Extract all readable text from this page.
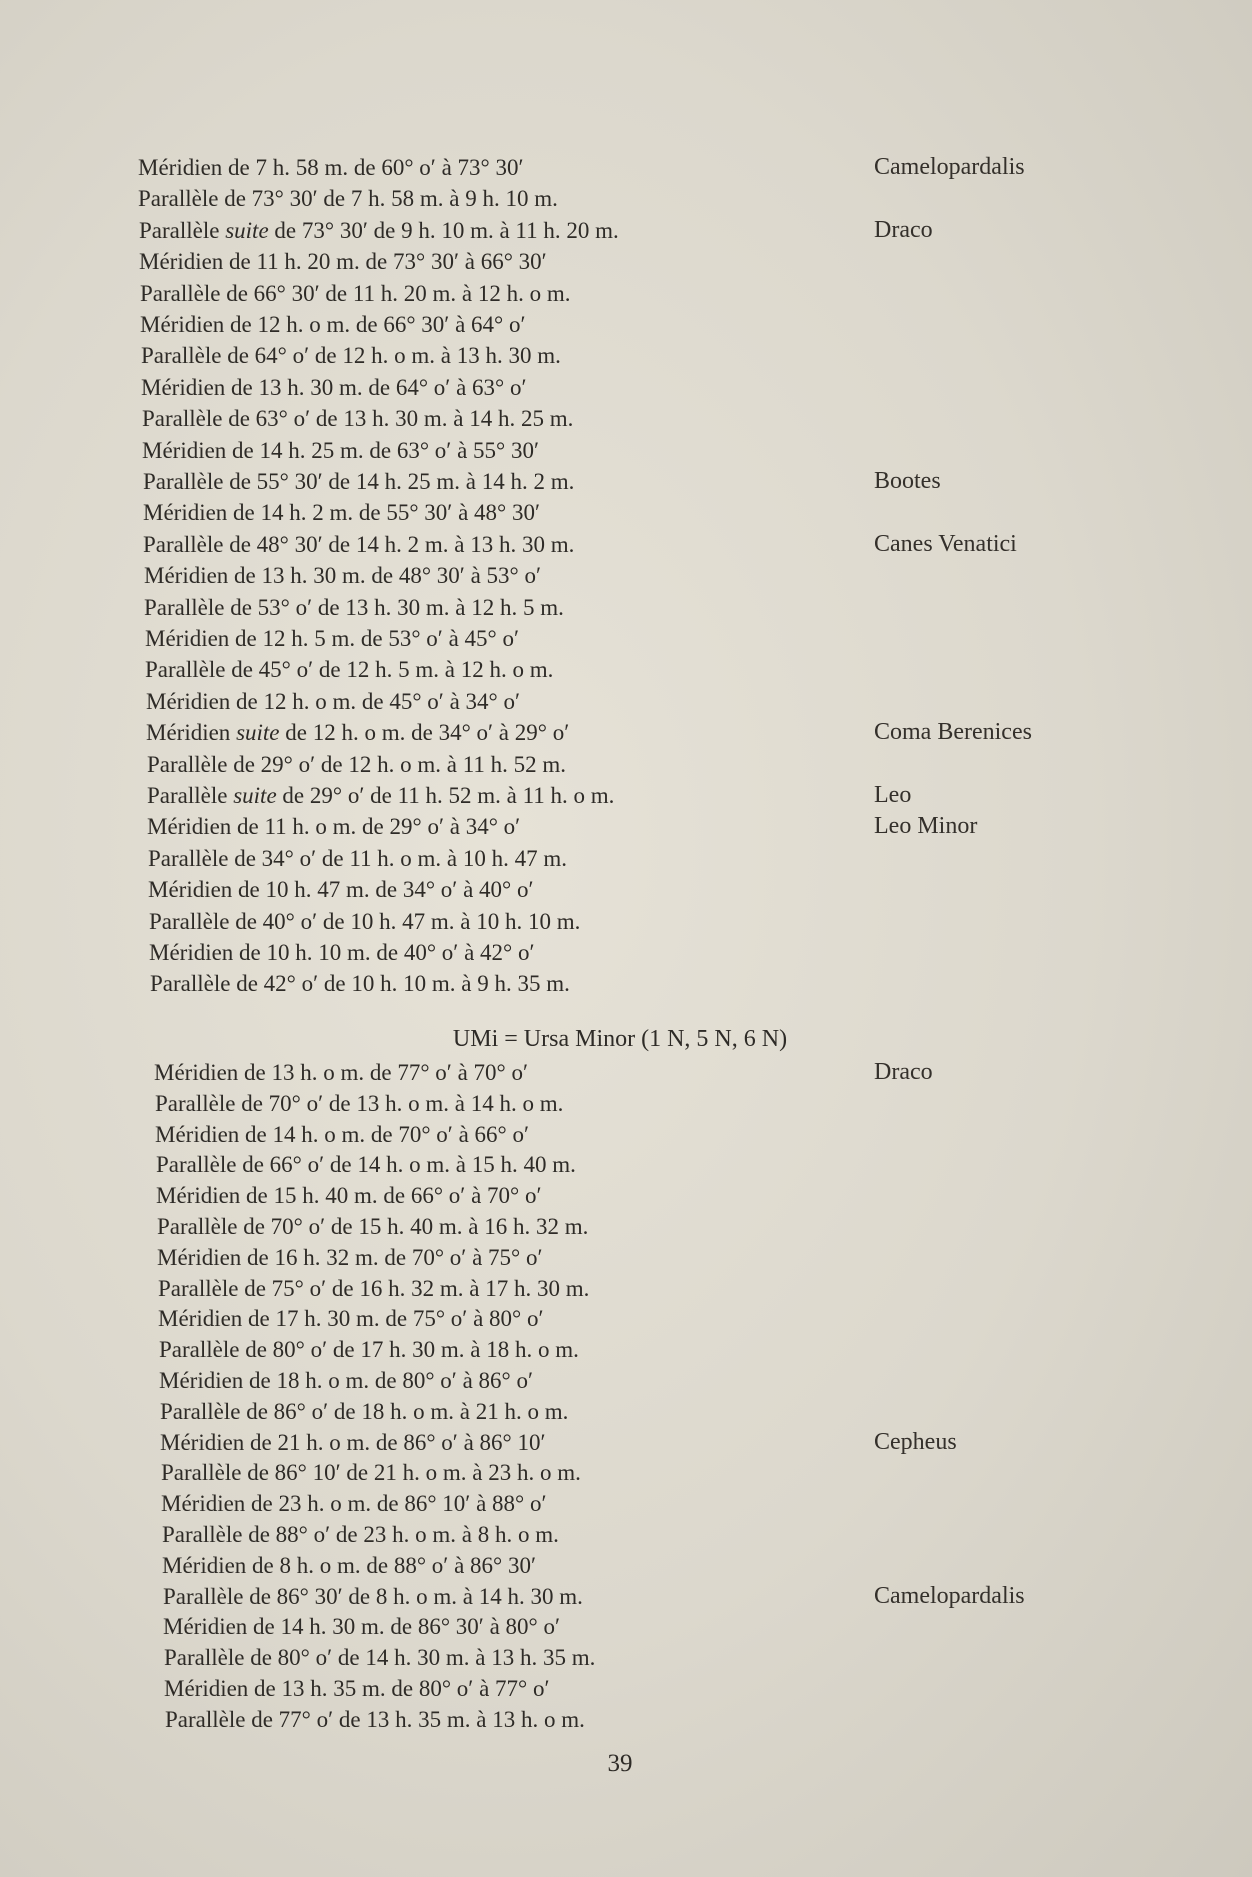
Méridien de 7 h. 58 m. de 60° o′ à 73° 30′	Camelopardalis
Parallèle de 73° 30′ de 7 h. 58 m. à 9 h. 10 m.
Parallèle suite de 73° 30′ de 9 h. 10 m. à 11 h. 20 m.	Draco
Méridien de 11 h. 20 m. de 73° 30′ à 66° 30′
Parallèle de 66° 30′ de 11 h. 20 m. à 12 h. o m.
Méridien de 12 h. o m. de 66° 30′ à 64° o′
Parallèle de 64° o′ de 12 h. o m. à 13 h. 30 m.
Méridien de 13 h. 30 m. de 64° o′ à 63° o′
Parallèle de 63° o′ de 13 h. 30 m. à 14 h. 25 m.
Méridien de 14 h. 25 m. de 63° o′ à 55° 30′
Parallèle de 55° 30′ de 14 h. 25 m. à 14 h. 2 m.	Bootes
Méridien de 14 h. 2 m. de 55° 30′ à 48° 30′
Parallèle de 48° 30′ de 14 h. 2 m. à 13 h. 30 m.	Canes Venatici
Méridien de 13 h. 30 m. de 48° 30′ à 53° o′
Parallèle de 53° o′ de 13 h. 30 m. à 12 h. 5 m.
Méridien de 12 h. 5 m. de 53° o′ à 45° o′
Parallèle de 45° o′ de 12 h. 5 m. à 12 h. o m.
Méridien de 12 h. o m. de 45° o′ à 34° o′
Méridien suite de 12 h. o m. de 34° o′ à 29° o′	Coma Berenices
Parallèle de 29° o′ de 12 h. o m. à 11 h. 52 m.
Parallèle suite de 29° o′ de 11 h. 52 m. à 11 h. o m.	Leo
Méridien de 11 h. o m. de 29° o′ à 34° o′	Leo Minor
Parallèle de 34° o′ de 11 h. o m. à 10 h. 47 m.
Méridien de 10 h. 47 m. de 34° o′ à 40° o′
Parallèle de 40° o′ de 10 h. 47 m. à 10 h. 10 m.
Méridien de 10 h. 10 m. de 40° o′ à 42° o′
Parallèle de 42° o′ de 10 h. 10 m. à 9 h. 35 m.
UMi = Ursa Minor (1 N, 5 N, 6 N)
Méridien de 13 h. o m. de 77° o′ à 70° o′	Draco
Parallèle de 70° o′ de 13 h. o m. à 14 h. o m.
Méridien de 14 h. o m. de 70° o′ à 66° o′
Parallèle de 66° o′ de 14 h. o m. à 15 h. 40 m.
Méridien de 15 h. 40 m. de 66° o′ à 70° o′
Parallèle de 70° o′ de 15 h. 40 m. à 16 h. 32 m.
Méridien de 16 h. 32 m. de 70° o′ à 75° o′
Parallèle de 75° o′ de 16 h. 32 m. à 17 h. 30 m.
Méridien de 17 h. 30 m. de 75° o′ à 80° o′
Parallèle de 80° o′ de 17 h. 30 m. à 18 h. o m.
Méridien de 18 h. o m. de 80° o′ à 86° o′
Parallèle de 86° o′ de 18 h. o m. à 21 h. o m.
Méridien de 21 h. o m. de 86° o′ à 86° 10′	Cepheus
Parallèle de 86° 10′ de 21 h. o m. à 23 h. o m.
Méridien de 23 h. o m. de 86° 10′ à 88° o′
Parallèle de 88° o′ de 23 h. o m. à 8 h. o m.
Méridien de 8 h. o m. de 88° o′ à 86° 30′
Parallèle de 86° 30′ de 8 h. o m. à 14 h. 30 m.	Camelopardalis
Méridien de 14 h. 30 m. de 86° 30′ à 80° o′
Parallèle de 80° o′ de 14 h. 30 m. à 13 h. 35 m.
Méridien de 13 h. 35 m. de 80° o′ à 77° o′
Parallèle de 77° o′ de 13 h. 35 m. à 13 h. o m.
39
